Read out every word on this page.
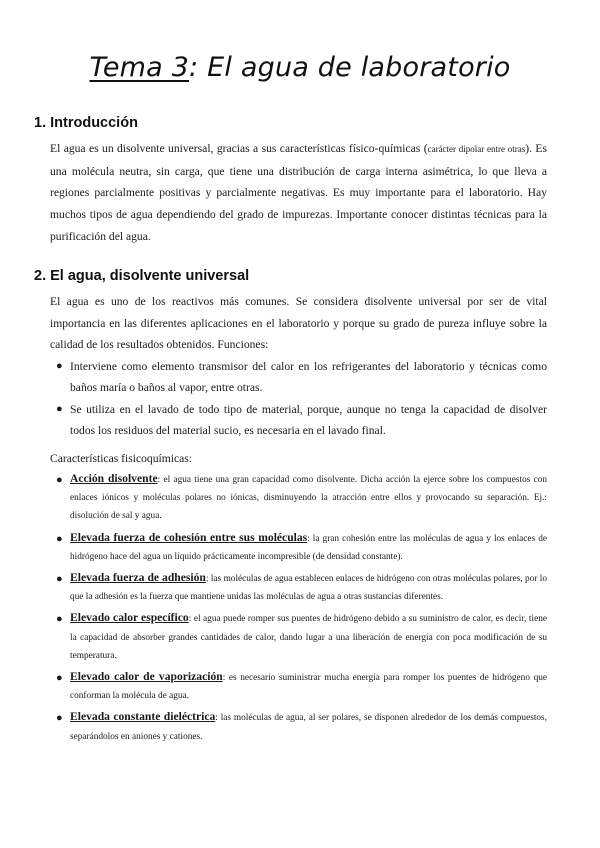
Tema 3: El agua de laboratorio
1. Introducción

El agua es un disolvente universal, gracias a sus características físico-químicas (carácter dipolar entre otras). Es una molécula neutra, sin carga, que tiene una distribución de carga interna asimétrica, lo que lleva a regiones parcialmente positivas y parcialmente negativas. Es muy importante para el laboratorio. Hay muchos tipos de agua dependiendo del grado de impurezas. Importante conocer distintas técnicas para la purificación del agua.

2. El agua, disolvente universal

El agua es uno de los reactivos más comunes. Se considera disolvente universal por ser de vital importancia en las diferentes aplicaciones en el laboratorio y porque su grado de pureza influye sobre la calidad de los resultados obtenidos. Funciones:

● Interviene como elemento transmisor del calor en los refrigerantes del laboratorio y técnicas como baños maría o baños al vapor, entre otras.
● Se utiliza en el lavado de todo tipo de material, porque, aunque no tenga la capacidad de disolver todos los residuos del material sucio, es necesaria en el lavado final.
Características fisicoquímicas:
● Acción disolvente: el agua tiene una gran capacidad como disolvente. Dicha acción la ejerce sobre los compuestos con enlaces iónicos y moléculas polares no iónicas, disminuyendo la atracción entre ellos y provocando su separación. Ej.: disolución de sal y agua.
● Elevada fuerza de cohesión entre sus moléculas: la gran cohesión entre las moléculas de agua y los enlaces de hidrógeno hace del agua un líquido prácticamente incompresible (de densidad constante).
● Elevada fuerza de adhesión: las moléculas de agua establecen enlaces de hidrógeno con otras moléculas polares, por lo que la adhesión es la fuerza que mantiene unidas las moléculas de agua a otras sustancias diferentes.
● Elevado calor específico: el agua puede romper sus puentes de hidrógeno debido a su suministro de calor, es decir, tiene la capacidad de absorber grandes cantidades de calor, dando lugar a una liberación de energía con poca modificación de su temperatura.
● Elevado calor de vaporización: es necesario suministrar mucha energía para romper los puentes de hidrógeno que conforman la molécula de agua.
● Elevada constante dieléctrica: las moléculas de agua, al ser polares, se disponen alrededor de los demás compuestos, separándolos en aniones y cationes.
